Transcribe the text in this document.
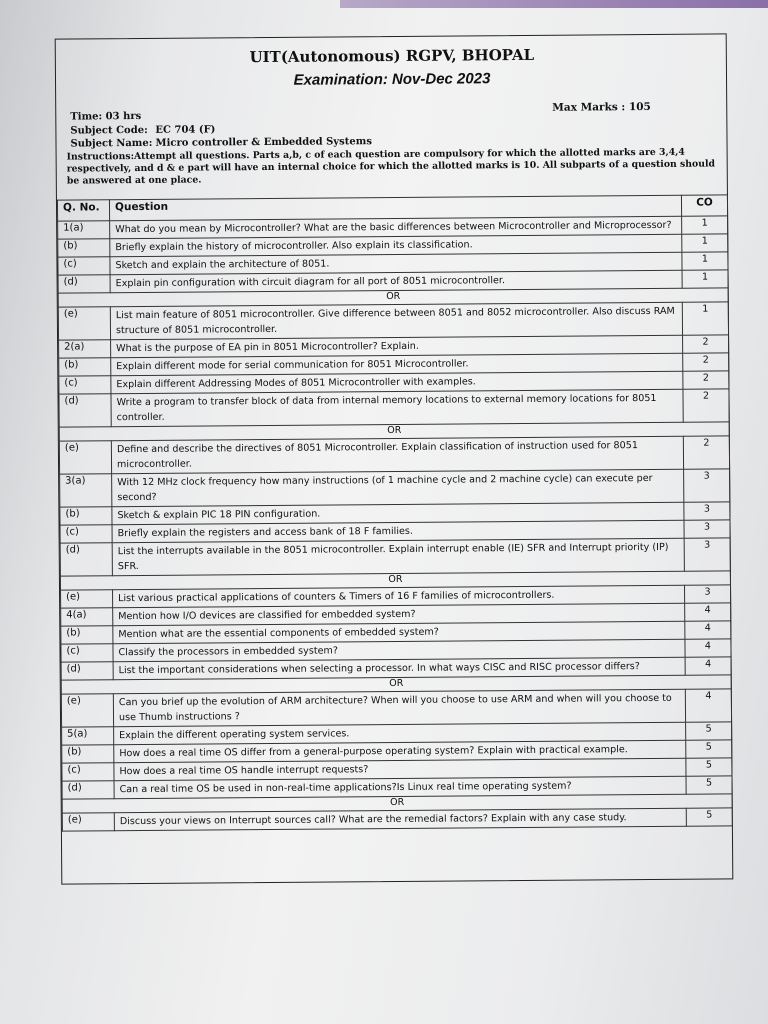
UIT(Autonomous) RGPV, BHOPAL
Examination: Nov-Dec 2023
Time: 03 hrs
Max Marks : 105
Subject Code: EC 704 (F)
Subject Name: Micro controller & Embedded Systems
Instructions:Attempt all questions. Parts a,b, c of each question are compulsory for which the allotted marks are 3,4,4 respectively, and d & e part will have an internal choice for which the allotted marks is 10. All subparts of a question should be answered at one place.
Q. No.	Question	CO
1(a)	What do you mean by Microcontroller? What are the basic differences between Microcontroller and Microprocessor?	1
(b)	Briefly explain the history of microcontroller. Also explain its classification.	1
(c)	Sketch and explain the architecture of 8051.	1
(d)	Explain pin configuration with circuit diagram for all port of 8051 microcontroller.	1
OR		
(e)	List main feature of 8051 microcontroller. Give difference between 8051 and 8052 microcontroller. Also discuss RAM structure of 8051 microcontroller.	1
2(a)	What is the purpose of EA pin in 8051 Microcontroller? Explain.	2
(b)	Explain different mode for serial communication for 8051 Microcontroller.	2
(c)	Explain different Addressing Modes of 8051 Microcontroller with examples.	2
(d)	Write a program to transfer block of data from internal memory locations to external memory locations for 8051 controller.	2
OR		
(e)	Define and describe the directives of 8051 Microcontroller. Explain classification of instruction used for 8051 microcontroller.	2
3(a)	With 12 MHz clock frequency how many instructions (of 1 machine cycle and 2 machine cycle) can execute per second?	3
(b)	Sketch & explain PIC 18 PIN configuration.	3
(c)	Briefly explain the registers and access bank of 18 F families.	3
(d)	List the interrupts available in the 8051 microcontroller. Explain interrupt enable (IE) SFR and Interrupt priority (IP) SFR.	3
OR		
(e)	List various practical applications of counters & Timers of 16 F families of microcontrollers.	3
4(a)	Mention how I/O devices are classified for embedded system?	4
(b)	Mention what are the essential components of embedded system?	4
(c)	Classify the processors in embedded system?	4
(d)	List the important considerations when selecting a processor. In what ways CISC and RISC processor differs?	4
OR		
(e)	Can you brief up the evolution of ARM architecture? When will you choose to use ARM and when will you choose to use Thumb instructions ?	4
5(a)	Explain the different operating system services.	5
(b)	How does a real time OS differ from a general-purpose operating system? Explain with practical example.	5
(c)	How does a real time OS handle interrupt requests?	5
(d)	Can a real time OS be used in non-real-time applications?Is Linux real time operating system?	5
OR		
(e)	Discuss your views on Interrupt sources call? What are the remedial factors? Explain with any case study.	5
